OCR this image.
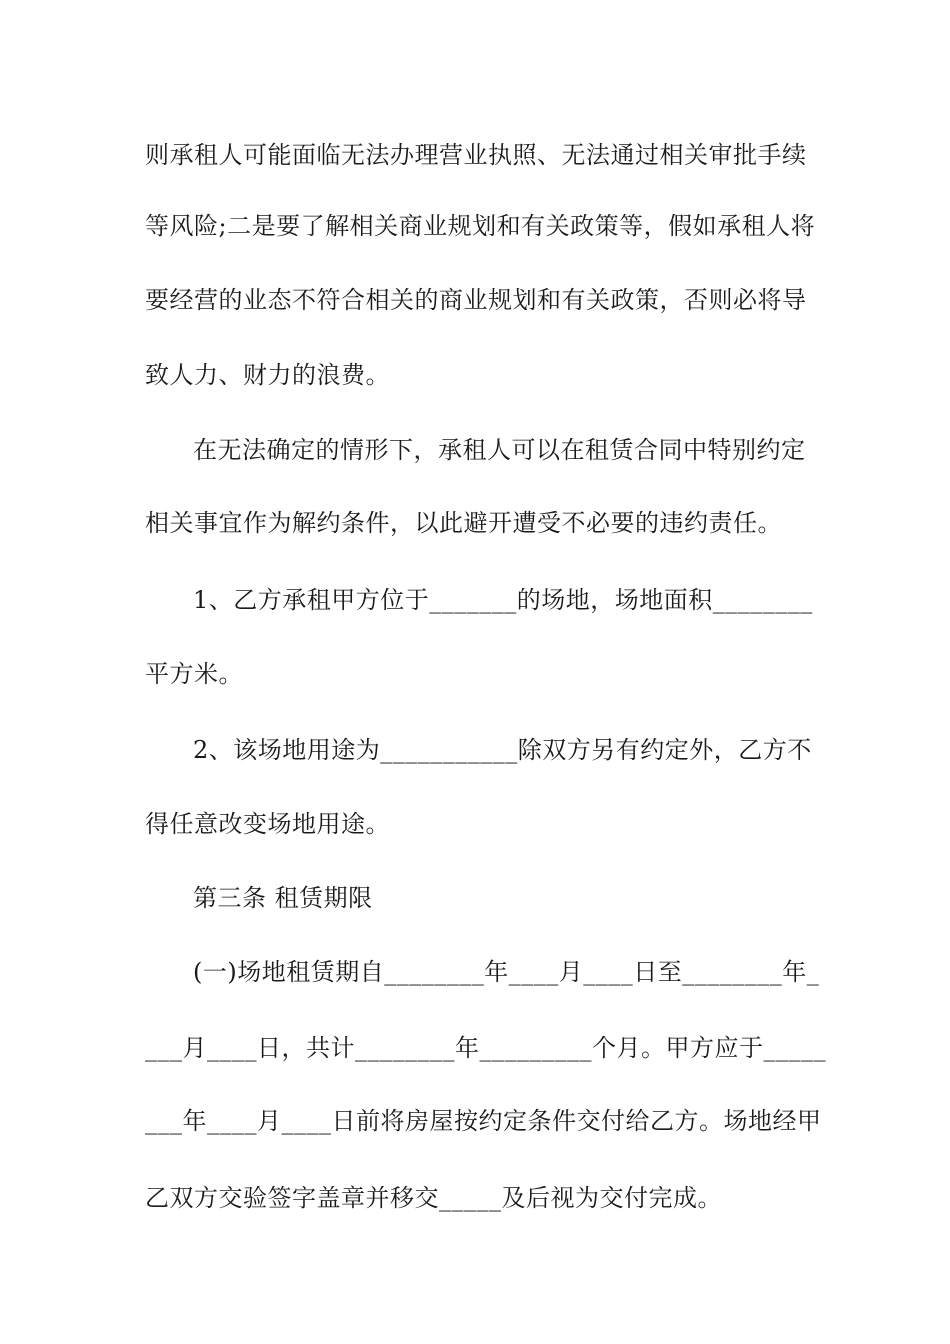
则承租人可能面临无法办理营业执照、无法通过相关审批手续
等风险;二是要了解相关商业规划和有关政策等，假如承租人将
要经营的业态不符合相关的商业规划和有关政策，否则必将导
致人力、财力的浪费。
在无法确定的情形下，承租人可以在租赁合同中特别约定
相关事宜作为解约条件，以此避开遭受不必要的违约责任。
1、乙方承租甲方位于_______的场地，场地面积________
平方米。
2、该场地用途为___________除双方另有约定外，乙方不
得任意改变场地用途。
第三条 租赁期限
(一)场地租赁期自________年____月____日至________年_
___月____日，共计________年_________个月。甲方应于_____
___年____月____日前将房屋按约定条件交付给乙方。场地经甲
乙双方交验签字盖章并移交_____及后视为交付完成。
